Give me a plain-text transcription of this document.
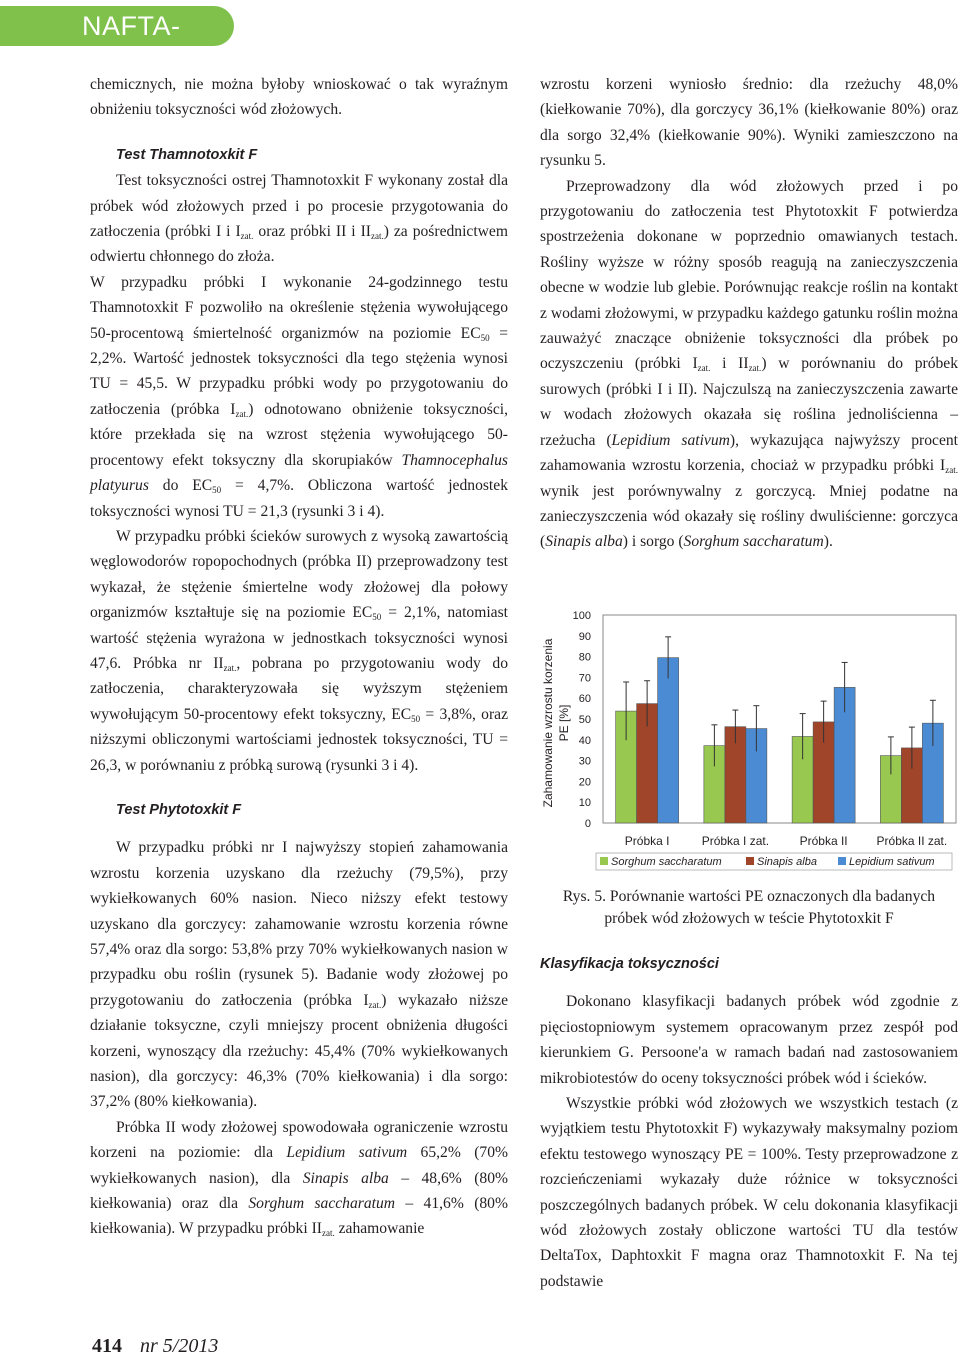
NAFTA-GAZ

chemicznych, nie można byłoby wnioskować o tak wyraźnym obniżeniu toksyczności wód złożowych.

Test Thamnotoxkit F

Test toksyczności ostrej Thamnotoxkit F wykonany został dla próbek wód złożowych przed i po procesie przygotowania do zatłoczenia (próbki I i $I_{zat.}$ oraz próbki II i $II_{zat.}$) za pośrednictwem odwiertu chłonnego do złoża.

W przypadku próbki I wykonanie 24-godzinnego testu Thamnotoxkit F pozwoliło na określenie stężenia wywołującego 50-procentową śmiertelność organizmów na poziomie $EC_{50} = 2,2\%$. Wartość jednostek toksyczności dla tego stężenia wynosi TU = 45,5. W przypadku próbki wody po przygotowaniu do zatłoczenia (próbka $I_{zat.}$) odnotowano obniżenie toksyczności, które przekłada się na wzrost stężenia wywołującego 50-procentowy efekt toksyczny dla skorupiaków Thamnocephalus platyurus do $EC_{50} = 4,7\%$. Obliczona wartość jednostek toksyczności wynosi TU = 21,3 (rysunki 3 i 4).

W przypadku próbki ścieków surowych z wysoką zawartością węglowodorów ropopochodnych (próbka II) przeprowadzony test wykazał, że stężenie śmiertelne wody złożowej dla połowy organizmów kształtuje się na poziomie $EC_{50} = 2,1\%$, natomiast wartość stężenia wyrażona w jednostkach toksyczności wynosi 47,6. Próbka nr $II_{zat.}$, pobrana po przygotowaniu wody do zatłoczenia, charakteryzowała się wyższym stężeniem wywołującym 50-procentowy efekt toksyczny, $EC_{50} = 3,8\%$, oraz niższymi obliczonymi wartościami jednostek toksyczności, TU = 26,3, w porównaniu z próbką surową (rysunki 3 i 4).

Test Phytotoxkit F

W przypadku próbki nr I najwyższy stopień zahamowania wzrostu korzenia uzyskano dla rzeżuchy (79,5%), przy wykiełkowanych 60% nasion. Nieco niższy efekt testowy uzyskano dla gorczycy: zahamowanie wzrostu korzenia równe 57,4% oraz dla sorgo: 53,8% przy 70% wykiełkowanych nasion w przypadku obu roślin (rysunek 5). Badanie wody złożowej po przygotowaniu do zatłoczenia (próbka $I_{zat.}$) wykazało niższe działanie toksyczne, czyli mniejszy procent obniżenia długości korzeni, wynoszący dla rzeżuchy: 45,4% (70% wykiełkowanych nasion), dla gorczycy: 46,3% (70% kiełkowania) i dla sorgo: 37,2% (80% kiełkowania).

Próbka II wody złożowej spowodowała ograniczenie wzrostu korzeni na poziomie: dla Lepidium sativum 65,2% (70% wykiełkowanych nasion), dla Sinapis alba – 48,6% (80% kiełkowania) oraz dla Sorghum saccharatum – 41,6% (80% kiełkowania). W przypadku próbki $II_{zat.}$ zahamowanie

wzrostu korzeni wyniosło średnio: dla rzeżuchy 48,0% (kiełkowanie 70%), dla gorczycy 36,1% (kiełkowanie 80%) oraz dla sorgo 32,4% (kiełkowanie 90%). Wyniki zamieszczono na rysunku 5.

Przeprowadzony dla wód złożowych przed i po przygotowaniu do zatłoczenia test Phytotoxkit F potwierdza spostrzeżenia dokonane w poprzednio omawianych testach. Rośliny wyższe w różny sposób reagują na zanieczyszczenia obecne w wodzie lub glebie. Porównując reakcje roślin na kontakt z wodami złożowymi, w przypadku każdego gatunku roślin można zauważyć znaczące obniżenie toksyczności dla próbek po oczyszczeniu (próbki $I_{zat.}$ i $II_{zat.}$) w porównaniu do próbek surowych (próbki I i II). Najczulszą na zanieczyszczenia zawarte w wodach złożowych okazała się roślina jednoliścienna – rzeżucha (Lepidium sativum), wykazująca najwyższy procent zahamowania wzrostu korzenia, chociaż w przypadku próbki $I_{zat.}$ wynik jest porównywalny z gorczycą. Mniej podatne na zanieczyszczenia wód okazały się rośliny dwuliścienne: gorczyca (Sinapis alba) i sorgo (Sorghum saccharatum).

Zahamowanie wzrostu korzenia PE [%]
0
10
20
30
40
50
60
70
80
90
100
Próbka I	Próbka I zat.	Próbka II Próbka II zat.
Sorghum saccharatum	Sinapis alba	Lepidium sativum
Rys. 5. Porównanie wartości PE oznaczonych dla badanych próbek wód złożowych w teście Phytotoxkit F

Klasyfikacja toksyczności

Dokonano klasyfikacji badanych próbek wód zgodnie z pięciostopniowym systemem opracowanym przez zespół pod kierunkiem G. Persoone'a w ramach badań nad zastosowaniem mikrobiotestów do oceny toksyczności próbek wód i ścieków.

Wszystkie próbki wód złożowych we wszystkich testach (z wyjątkiem testu Phytotoxkit F) wykazywały maksymalny poziom efektu testowego wynoszący PE = 100%. Testy przeprowadzone z rozcieńczeniami wykazały duże różnice w toksyczności poszczególnych badanych próbek. W celu dokonania klasyfikacji wód złożowych zostały obliczone wartości TU dla testów DeltaTox, Daphtoxkit F magna oraz Thamnotoxkit F. Na tej podstawie

414 nr 5/2013
